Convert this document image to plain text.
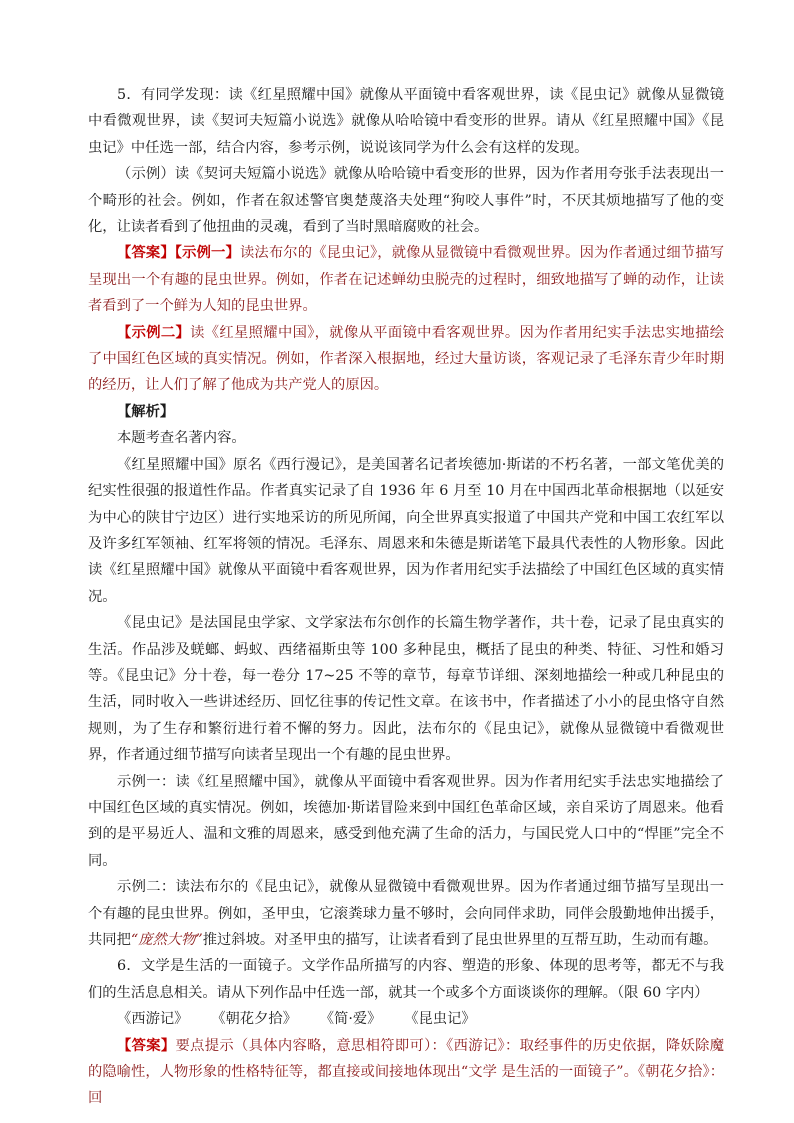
5．有同学发现：读《红星照耀中国》就像从平面镜中看客观世界，读《昆虫记》就像从显微镜中看微观世界，读《契诃夫短篇小说选》就像从哈哈镜中看变形的世界。请从《红星照耀中国》《昆虫记》中任选一部，结合内容，参考示例，说说该同学为什么会有这样的发现。

（示例）读《契诃夫短篇小说选》就像从哈哈镜中看变形的世界，因为作者用夸张手法表现出一个畸形的社会。例如，作者在叙述警官奥楚蔑洛夫处理“狗咬人事件”时，不厌其烦地描写了他的变化，让读者看到了他扭曲的灵魂，看到了当时黑暗腐败的社会。

【答案】【示例一】读法布尔的《昆虫记》，就像从显微镜中看微观世界。因为作者通过细节描写呈现出一个有趣的昆虫世界。例如，作者在记述蝉幼虫脱壳的过程时，细致地描写了蝉的动作，让读者看到了一个鲜为人知的昆虫世界。

【示例二】读《红星照耀中国》，就像从平面镜中看客观世界。因为作者用纪实手法忠实地描绘了中国红色区域的真实情况。例如，作者深入根据地，经过大量访谈，客观记录了毛泽东青少年时期的经历，让人们了解了他成为共产党人的原因。

【解析】

本题考查名著内容。

《红星照耀中国》原名《西行漫记》，是美国著名记者埃德加·斯诺的不朽名著，一部文笔优美的纪实性很强的报道性作品。作者真实记录了自 1936 年 6 月至 10 月在中国西北革命根据地（以延安为中心的陕甘宁边区）进行实地采访的所见所闻，向全世界真实报道了中国共产党和中国工农红军以及许多红军领袖、红军将领的情况。毛泽东、周恩来和朱德是斯诺笔下最具代表性的人物形象。因此读《红星照耀中国》就像从平面镜中看客观世界，因为作者用纪实手法描绘了中国红色区域的真实情况。

《昆虫记》是法国昆虫学家、文学家法布尔创作的长篇生物学著作，共十卷，记录了昆虫真实的生活。作品涉及蜣螂、蚂蚁、西绪福斯虫等 100 多种昆虫，概括了昆虫的种类、特征、习性和婚习等。《昆虫记》分十卷，每一卷分 17~25 不等的章节，每章节详细、深刻地描绘一种或几种昆虫的生活，同时收入一些讲述经历、回忆往事的传记性文章。在该书中，作者描述了小小的昆虫恪守自然规则，为了生存和繁衍进行着不懈的努力。因此，法布尔的《昆虫记》，就像从显微镜中看微观世界，作者通过细节描写向读者呈现出一个有趣的昆虫世界。

示例一：读《红星照耀中国》，就像从平面镜中看客观世界。因为作者用纪实手法忠实地描绘了中国红色区域的真实情况。例如，埃德加·斯诺冒险来到中国红色革命区域，亲自采访了周恩来。他看到的是平易近人、温和文雅的周恩来，感受到他充满了生命的活力，与国民党人口中的“悍匪”完全不同。

示例二：读法布尔的《昆虫记》，就像从显微镜中看微观世界。因为作者通过细节描写呈现出一个有趣的昆虫世界。例如，圣甲虫，它滚粪球力量不够时，会向同伴求助，同伴会殷勤地伸出援手，共同把“庞然大物”推过斜坡。对圣甲虫的描写，让读者看到了昆虫世界里的互帮互助，生动而有趣。

6．文学是生活的一面镜子。文学作品所描写的内容、塑造的形象、体现的思考等，都无不与我们的生活息息相关。请从下列作品中任选一部，就其一个或多个方面谈谈你的理解。（限 60 字内）

《西游记》 《朝花夕拾》 《简·爱》 《昆虫记》

【答案】要点提示（具体内容略，意思相符即可）：《西游记》：取经事件的历史依据，降妖除魔的隐喻性，人物形象的性格特征等，都直接或间接地体现出“文学 是生活的一面镜子”。《朝花夕拾》：回
